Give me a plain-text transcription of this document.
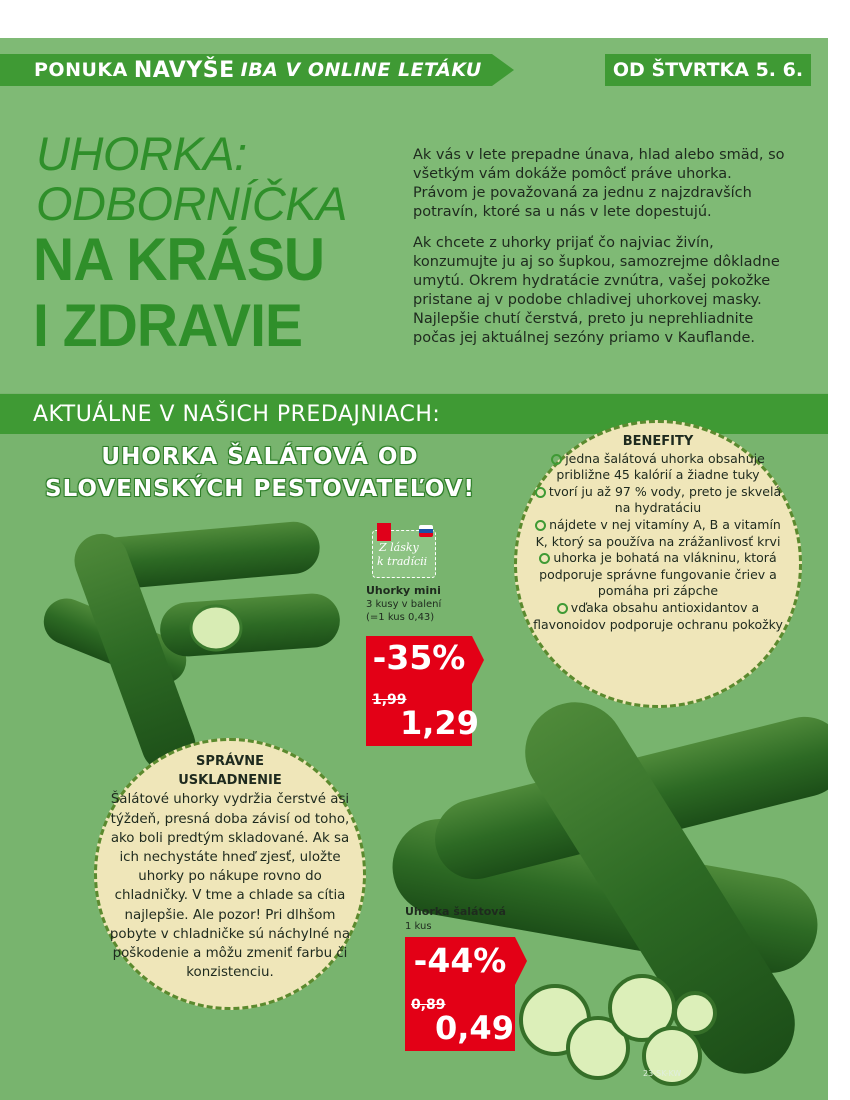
PONUKA NAVYŠE IBA V ONLINE LETÁKU	OD ŠTVRTKA 5. 6.
UHORKA:
ODBORNÍČKA
NA KRÁSU
I ZDRAVIE

Ak vás v lete prepadne únava, hlad alebo smäd, so všetkým vám dokáže pomôcť práve uhorka. Právom je považovaná za jednu z najzdravších potravín, ktoré sa u nás v lete dopestujú.

Ak chcete z uhorky prijať čo najviac živín, konzumujte ju aj so šupkou, samozrejme dôkladne umytú. Okrem hydratácie zvnútra, vašej pokožke pristane aj v podobe chladivej uhorkovej masky. Najlepšie chutí čerstvá, preto ju neprehliadnite počas jej aktuálnej sezóny priamo v Kauflande.

AKTUÁLNE V NAŠICH PREDAJNIACH:
UHORKA ŠALÁTOVÁ OD
SLOVENSKÝCH PESTOVATEĽOV!
BENEFITY
jedna šalátová uhorka obsahuje približne 45 kalórií a žiadne tuky
tvorí ju až 97 % vody, preto je skvelá na hydratáciu
nájdete v nej vitamíny A, B a vitamín K, ktorý sa používa na zrážanlivosť krvi
uhorka je bohatá na vlákninu, ktorá podporuje správne fungovanie čriev a pomáha pri zápche
vďaka obsahu antioxidantov a flavonoidov podporuje ochranu pokožky
SPRÁVNE
USKLADNENIE
Šalátové uhorky vydržia čerstvé asi týždeň, presná doba závisí od toho, ako boli predtým skladované. Ak sa ich nechystáte hneď zjesť, uložte uhorky po nákupe rovno do chladničky. V tme a chlade sa cítia najlepšie. Ale pozor! Pri dlhšom pobyte v chladničke sú náchylné na poškodenie a môžu zmeniť farbu či konzistenciu.
Z lásky
k tradícii
Uhorky mini
3 kusy v balení
(=1 kus 0,43)
-35%
1,99
1,29
Uhorka šalátová
1 kus
-44%
0,89
0,49
23-SK-KW
